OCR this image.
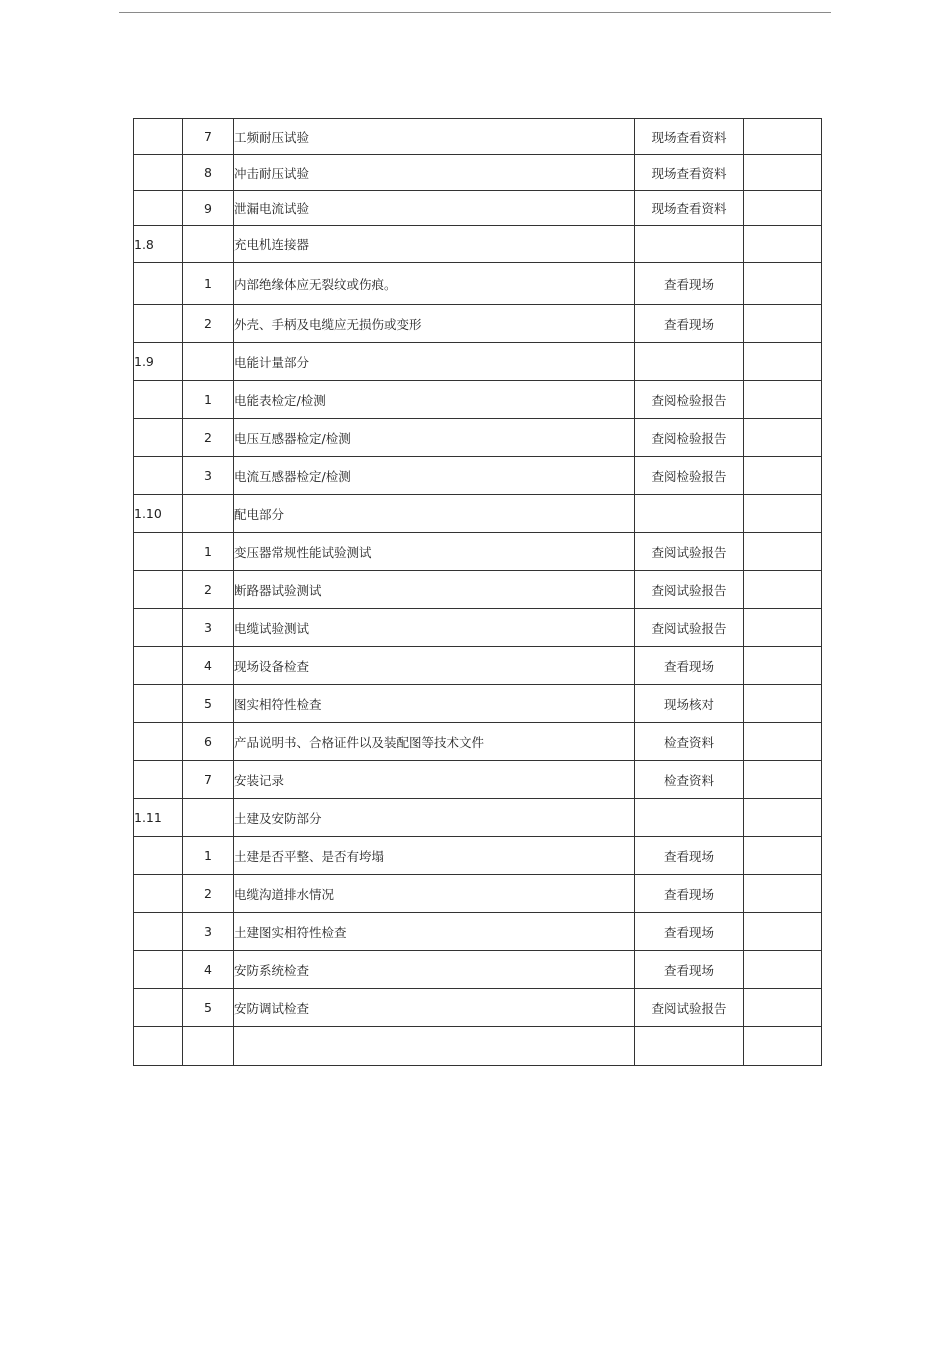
	7	工频耐压试验	现场查看资料	
	8	冲击耐压试验	现场查看资料	
	9	泄漏电流试验	现场查看资料	
1.8		充电机连接器		
	1	内部绝缘体应无裂纹或伤痕。	查看现场	
	2	外壳、手柄及电缆应无损伤或变形	查看现场	
1.9		电能计量部分		
	1	电能表检定/检测	查阅检验报告	
	2	电压互感器检定/检测	查阅检验报告	
	3	电流互感器检定/检测	查阅检验报告	
1.10		配电部分		
	1	变压器常规性能试验测试	查阅试验报告	
	2	断路器试验测试	查阅试验报告	
	3	电缆试验测试	查阅试验报告	
	4	现场设备检查	查看现场	
	5	图实相符性检查	现场核对	
	6	产品说明书、合格证件以及装配图等技术文件	检查资料	
	7	安装记录	检查资料	
1.11		土建及安防部分		
	1	土建是否平整、是否有垮塌	查看现场	
	2	电缆沟道排水情况	查看现场	
	3	土建图实相符性检查	查看现场	
	4	安防系统检查	查看现场	
	5	安防调试检查	查阅试验报告	
